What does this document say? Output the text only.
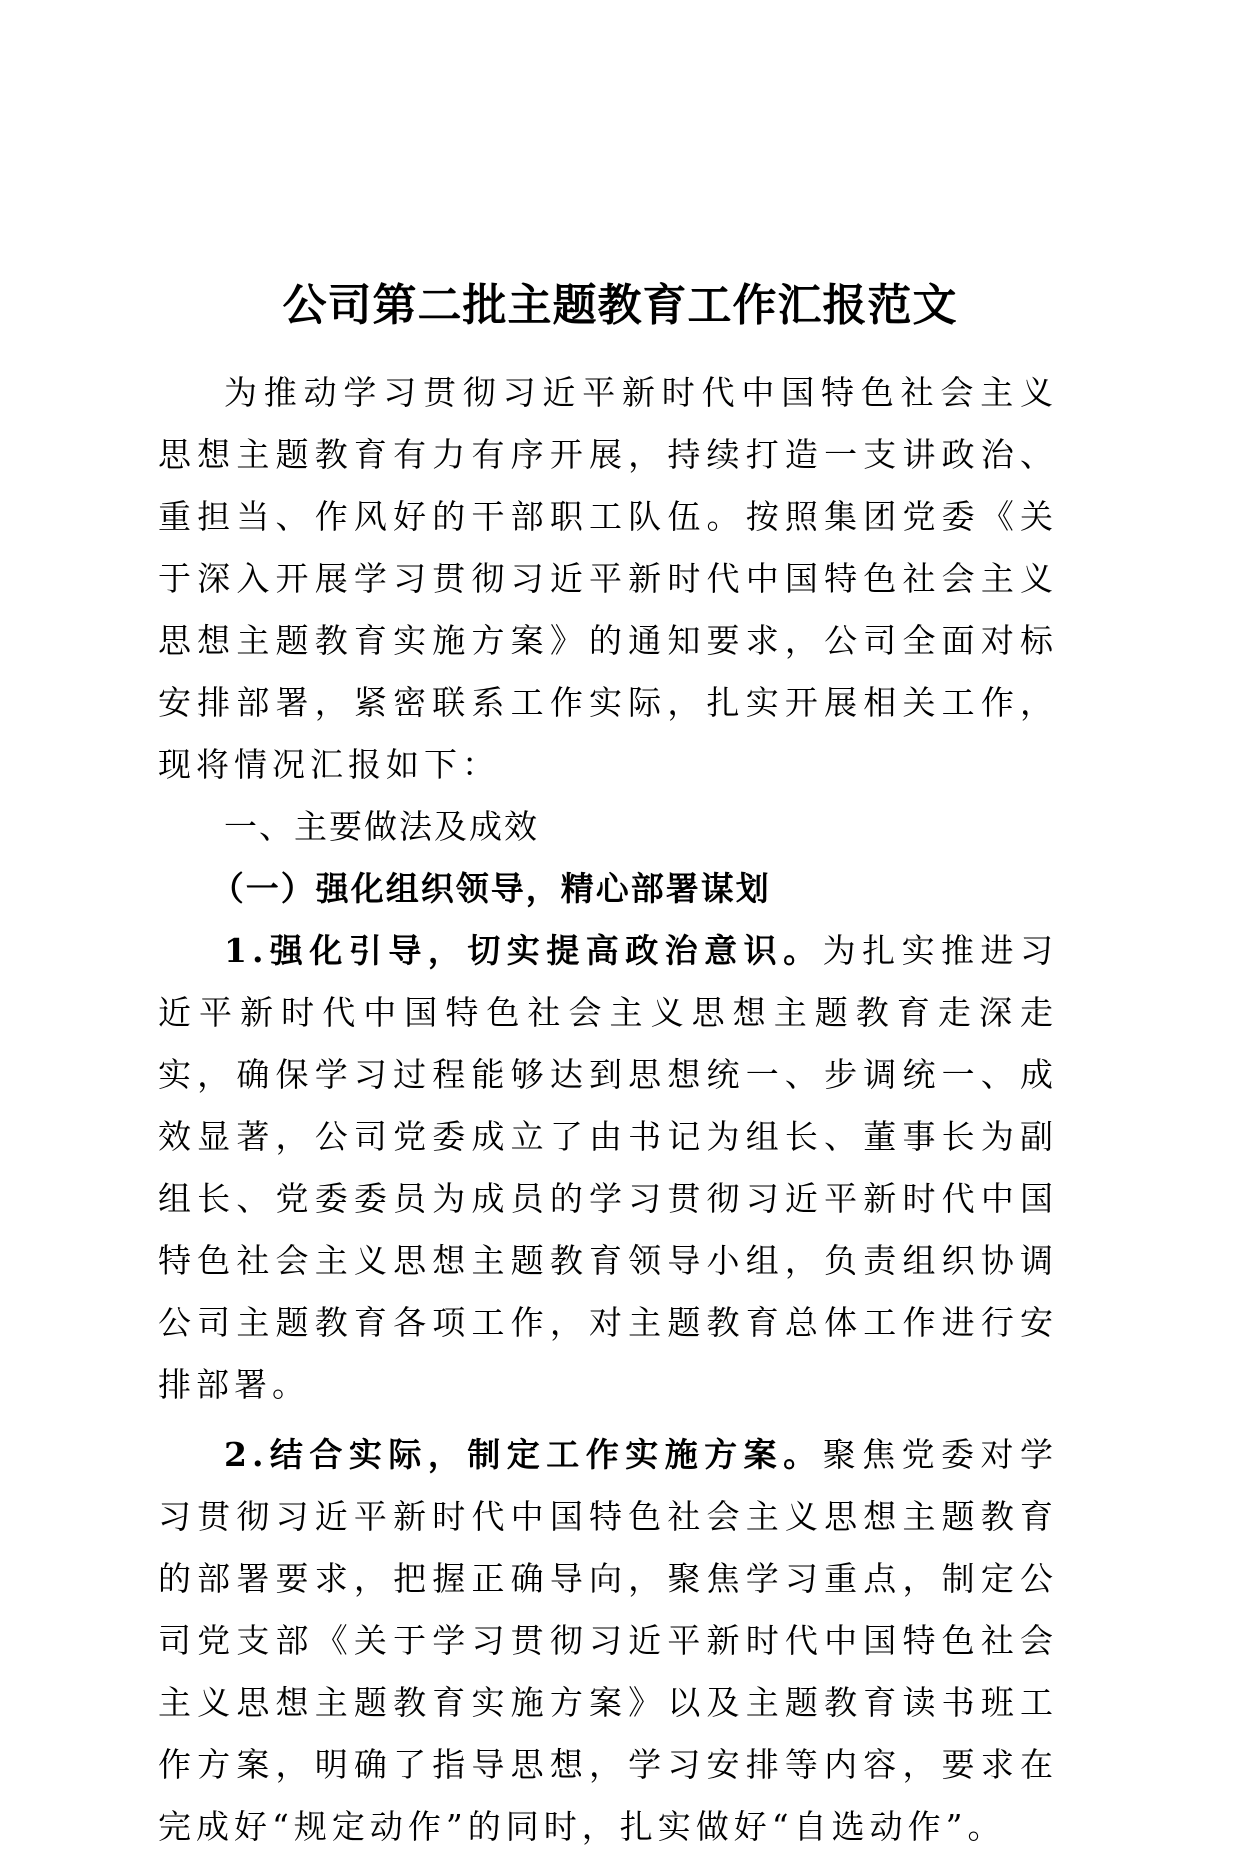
公司第二批主题教育工作汇报范文

为推动学习贯彻习近平新时代中国特色社会主义思想主题教育有力有序开展，持续打造一支讲政治、重担当、作风好的干部职工队伍。按照集团党委《关于深入开展学习贯彻习近平新时代中国特色社会主义思想主题教育实施方案》的通知要求，公司全面对标安排部署，紧密联系工作实际，扎实开展相关工作，现将情况汇报如下：

一、主要做法及成效

（一）强化组织领导，精心部署谋划

1.强化引导，切实提高政治意识。为扎实推进习近平新时代中国特色社会主义思想主题教育走深走实，确保学习过程能够达到思想统一、步调统一、成效显著，公司党委成立了由书记为组长、董事长为副组长、党委委员为成员的学习贯彻习近平新时代中国特色社会主义思想主题教育领导小组，负责组织协调公司主题教育各项工作，对主题教育总体工作进行安排部署。

2.结合实际，制定工作实施方案。聚焦党委对学习贯彻习近平新时代中国特色社会主义思想主题教育的部署要求，把握正确导向，聚焦学习重点，制定公司党支部《关于学习贯彻习近平新时代中国特色社会主义思想主题教育实施方案》以及主题教育读书班工作方案，明确了指导思想，学习安排等内容，要求在完成好“规定动作”的同时，扎实做好“自选动作”。
